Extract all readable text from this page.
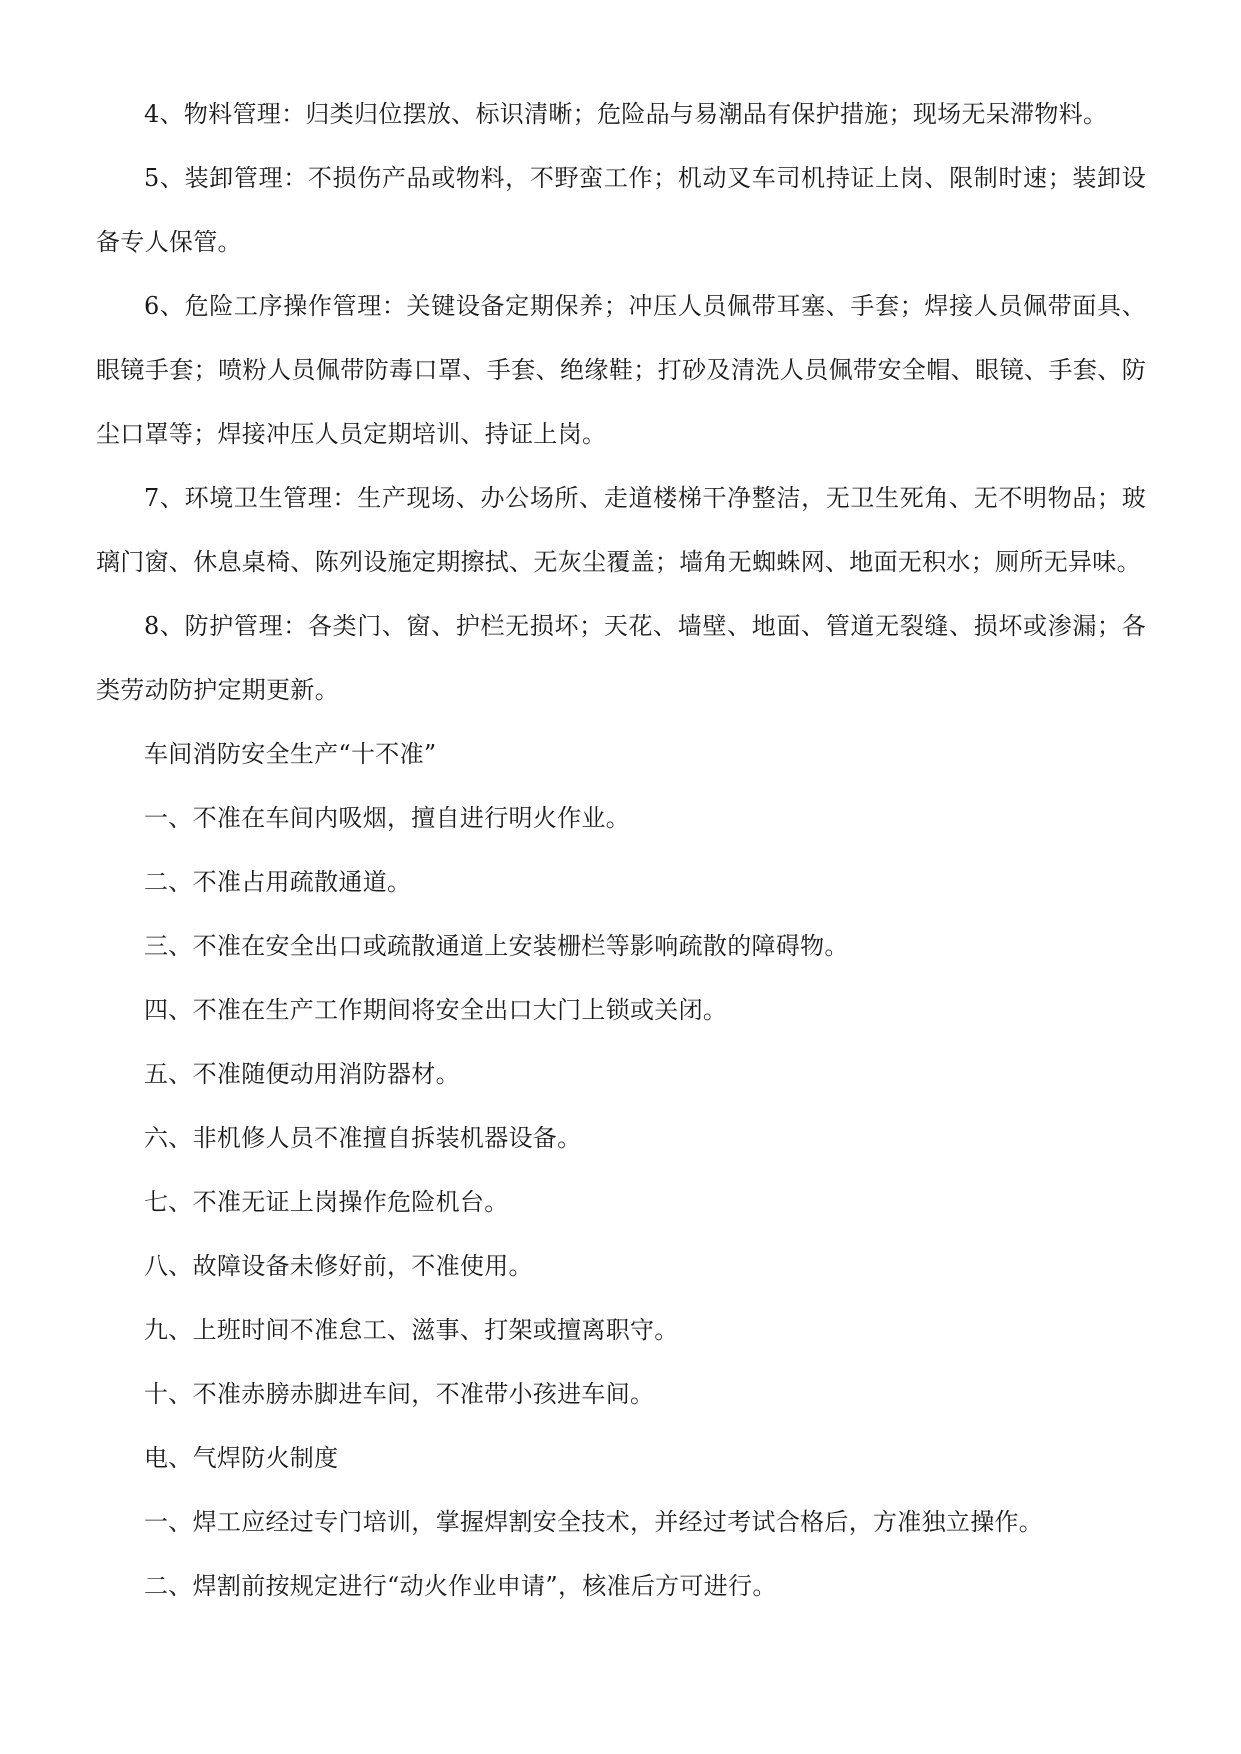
4、物料管理：归类归位摆放、标识清晰；危险品与易潮品有保护措施；现场无呆滞物料。

5、装卸管理：不损伤产品或物料，不野蛮工作；机动叉车司机持证上岗、限制时速；装卸设备专人保管。

6、危险工序操作管理：关键设备定期保养；冲压人员佩带耳塞、手套；焊接人员佩带面具、眼镜手套；喷粉人员佩带防毒口罩、手套、绝缘鞋；打砂及清洗人员佩带安全帽、眼镜、手套、防尘口罩等；焊接冲压人员定期培训、持证上岗。

7、环境卫生管理：生产现场、办公场所、走道楼梯干净整洁，无卫生死角、无不明物品；玻璃门窗、休息桌椅、陈列设施定期擦拭、无灰尘覆盖；墙角无蜘蛛网、地面无积水；厕所无异味。

8、防护管理：各类门、窗、护栏无损坏；天花、墙壁、地面、管道无裂缝、损坏或渗漏；各类劳动防护定期更新。

车间消防安全生产“十不准”

一、不准在车间内吸烟，擅自进行明火作业。

二、不准占用疏散通道。

三、不准在安全出口或疏散通道上安装栅栏等影响疏散的障碍物。

四、不准在生产工作期间将安全出口大门上锁或关闭。

五、不准随便动用消防器材。

六、非机修人员不准擅自拆装机器设备。

七、不准无证上岗操作危险机台。

八、故障设备未修好前，不准使用。

九、上班时间不准怠工、滋事、打架或擅离职守。

十、不准赤膀赤脚进车间，不准带小孩进车间。

电、气焊防火制度

一、焊工应经过专门培训，掌握焊割安全技术，并经过考试合格后，方准独立操作。

二、焊割前按规定进行“动火作业申请”，核准后方可进行。
